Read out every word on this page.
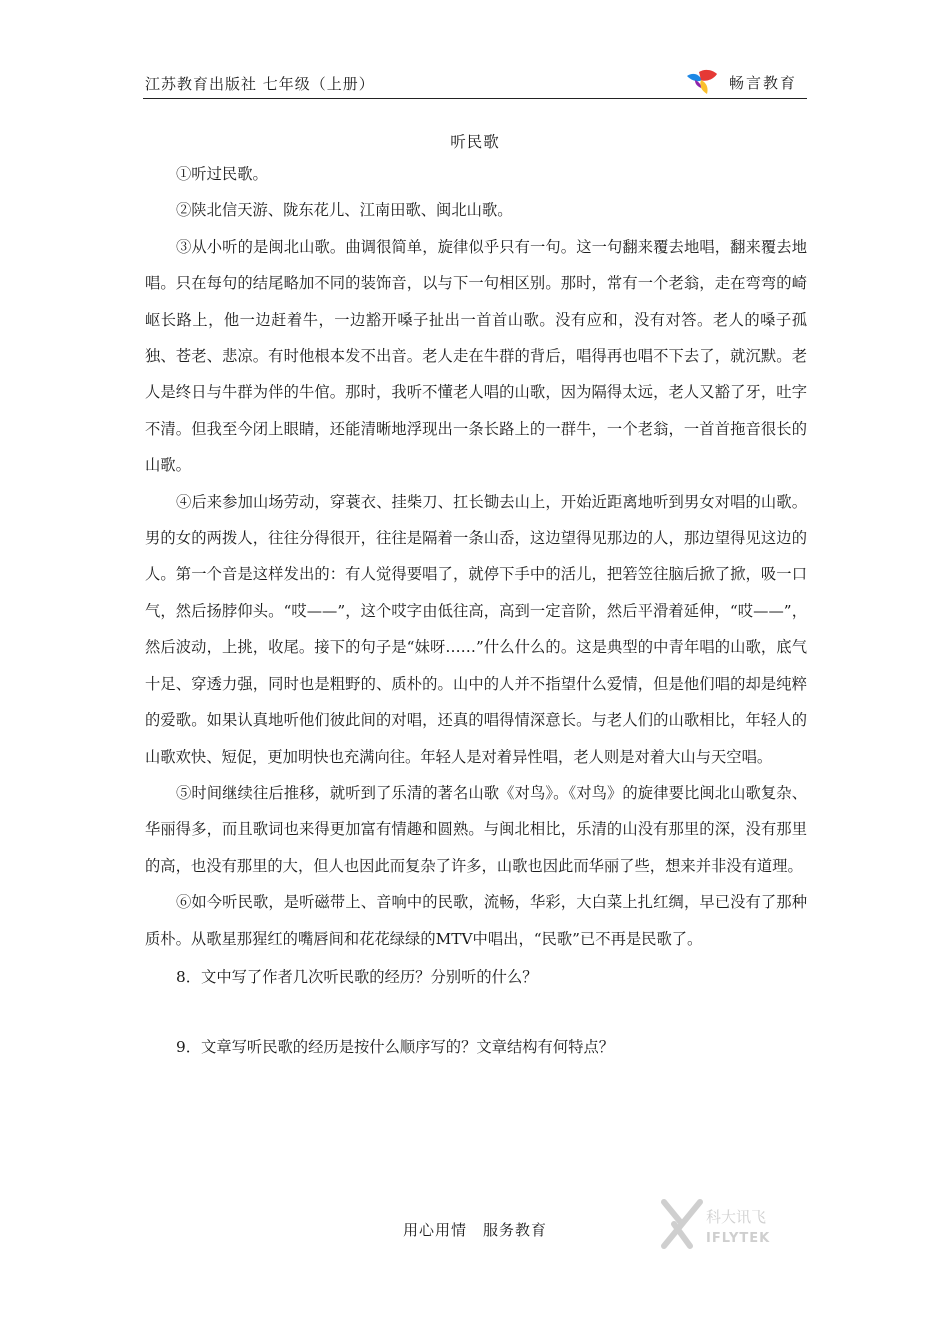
江苏教育出版社 七年级（上册）	畅言教育
听民歌

①听过民歌。

②陕北信天游、陇东花儿、江南田歌、闽北山歌。

③从小听的是闽北山歌。曲调很简单，旋律似乎只有一句。这一句翻来覆去地唱，翻来覆去地唱。只在每句的结尾略加不同的装饰音，以与下一句相区别。那时，常有一个老翁，走在弯弯的崎岖长路上，他一边赶着牛，一边豁开嗓子扯出一首首山歌。没有应和，没有对答。老人的嗓子孤独、苍老、悲凉。有时他根本发不出音。老人走在牛群的背后，唱得再也唱不下去了，就沉默。老人是终日与牛群为伴的牛倌。那时，我听不懂老人唱的山歌，因为隔得太远，老人又豁了牙，吐字不清。但我至今闭上眼睛，还能清晰地浮现出一条长路上的一群牛，一个老翁，一首首拖音很长的山歌。

④后来参加山场劳动，穿蓑衣、挂柴刀、扛长锄去山上，开始近距离地听到男女对唱的山歌。男的女的两拨人，往往分得很开，往往是隔着一条山岙，这边望得见那边的人，那边望得见这边的人。第一个音是这样发出的：有人觉得要唱了，就停下手中的活儿，把箬笠往脑后掀了掀，吸一口气，然后扬脖仰头。“哎——”，这个哎字由低往高，高到一定音阶，然后平滑着延伸，“哎——”，然后波动，上挑，收尾。接下的句子是“妹呀……”什么什么的。这是典型的中青年唱的山歌，底气十足、穿透力强，同时也是粗野的、质朴的。山中的人并不指望什么爱情，但是他们唱的却是纯粹的爱歌。如果认真地听他们彼此间的对唱，还真的唱得情深意长。与老人们的山歌相比，年轻人的山歌欢快、短促，更加明快也充满向往。年轻人是对着异性唱，老人则是对着大山与天空唱。

⑤时间继续往后推移，就听到了乐清的著名山歌《对鸟》。《对鸟》的旋律要比闽北山歌复杂、华丽得多，而且歌词也来得更加富有情趣和圆熟。与闽北相比，乐清的山没有那里的深，没有那里的高，也没有那里的大，但人也因此而复杂了许多，山歌也因此而华丽了些，想来并非没有道理。

⑥如今听民歌，是听磁带上、音响中的民歌，流畅，华彩，大白菜上扎红绸，早已没有了那种质朴。从歌星那猩红的嘴唇间和花花绿绿的MTV中唱出，“民歌”已不再是民歌了。

8．文中写了作者几次听民歌的经历？分别听的什么？

9．文章写听民歌的经历是按什么顺序写的？文章结构有何特点？

用心用情　服务教育
科大讯飞
IFLYTEK
